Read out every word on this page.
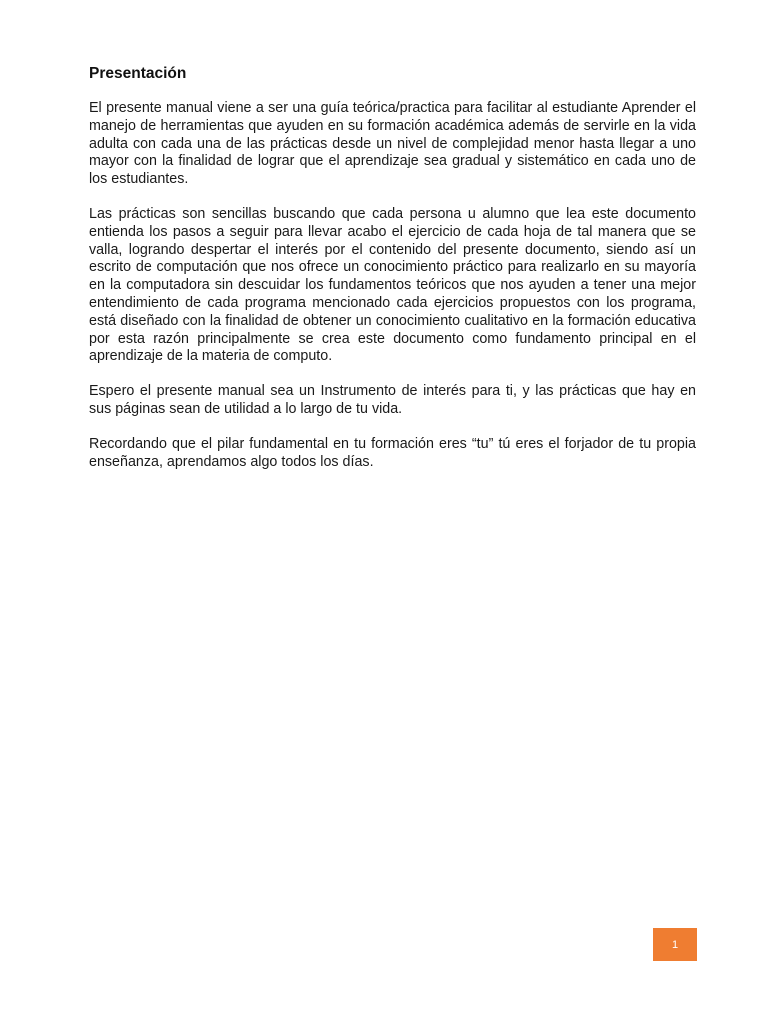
Presentación

El presente manual viene a ser una guía teórica/practica para facilitar al estudiante Aprender el manejo de herramientas que ayuden en su formación académica además de servirle en la vida adulta con cada una de las prácticas desde un nivel de complejidad menor hasta llegar a uno mayor con la finalidad de lograr que el aprendizaje sea gradual y sistemático en cada uno de los estudiantes.

Las prácticas son sencillas buscando que cada persona u alumno que lea este documento entienda los pasos a seguir para llevar acabo el ejercicio de cada hoja de tal manera que se valla, logrando despertar el interés por el contenido del presente documento, siendo así un escrito de computación que nos ofrece un conocimiento práctico para realizarlo en su mayoría en la computadora sin descuidar los fundamentos teóricos que nos ayuden a tener una mejor entendimiento de cada programa mencionado cada ejercicios propuestos con los programa, está diseñado con la finalidad de obtener un conocimiento cualitativo en la formación educativa por esta razón principalmente se crea este documento como fundamento principal en el aprendizaje de la materia de computo.

Espero el presente manual sea un Instrumento de interés para ti, y las prácticas que hay en sus páginas sean de utilidad a lo largo de tu vida.

Recordando que el pilar fundamental en tu formación eres “tu” tú eres el forjador de tu propia enseñanza, aprendamos algo todos los días.

1
